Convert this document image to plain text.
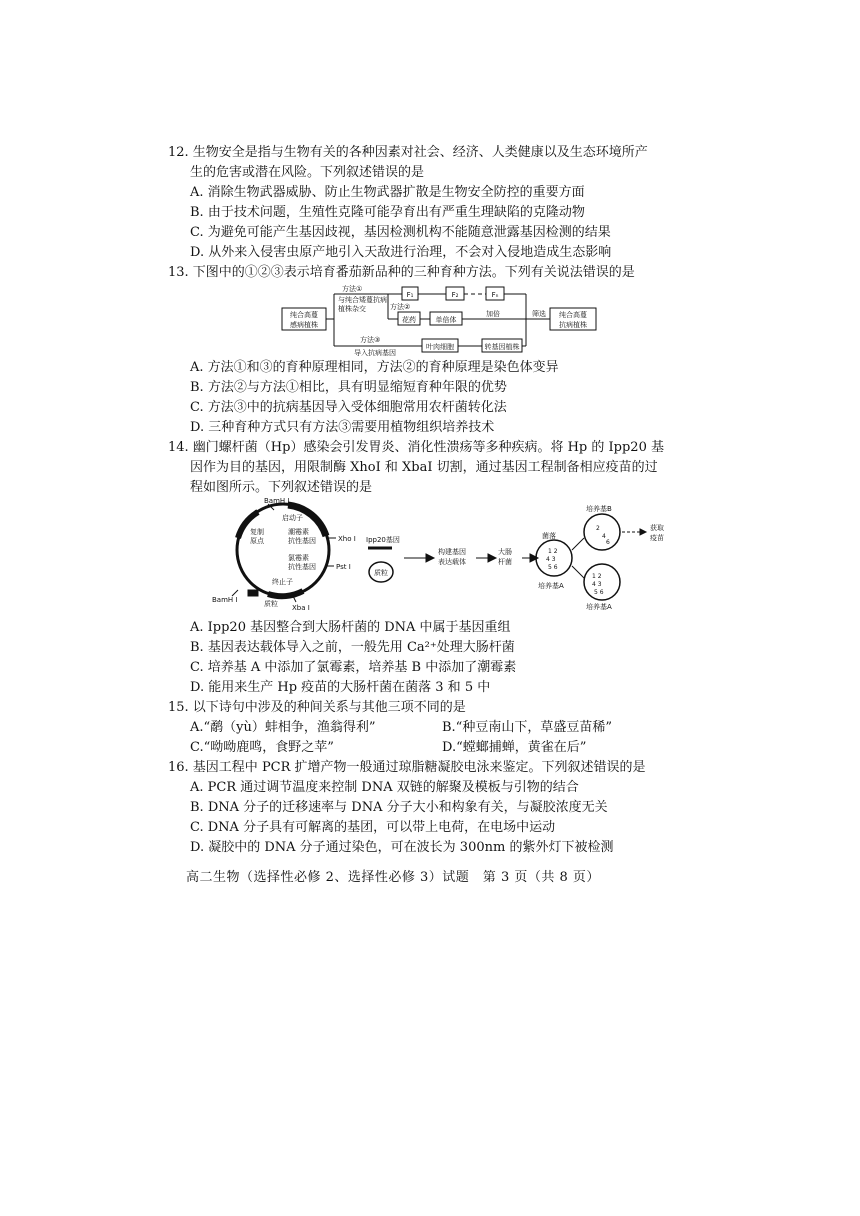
12. 生物安全是指与生物有关的各种因素对社会、经济、人类健康以及生态环境所产
生的危害或潜在风险。下列叙述错误的是
A. 消除生物武器威胁、防止生物武器扩散是生物安全防控的重要方面
B. 由于技术问题，生殖性克隆可能孕育出有严重生理缺陷的克隆动物
C. 为避免可能产生基因歧视，基因检测机构不能随意泄露基因检测的结果
D. 从外来入侵害虫原产地引入天敌进行治理，不会对入侵地造成生态影响
13. 下图中的①②③表示培育番茄新品种的三种育种方法。下列有关说法错误的是
纯合高蔓
感病植株
方法①
与纯合矮蔓抗病
植株杂交
F₁	F₂	Fₙ
方法②
花药	单倍体
加倍	筛选 纯合高蔓
抗病植株
方法③
导入抗病基因
叶肉细胞	转基因植株
A. 方法①和③的育种原理相同，方法②的育种原理是染色体变异
B. 方法②与方法①相比，具有明显缩短育种年限的优势
C. 方法③中的抗病基因导入受体细胞常用农杆菌转化法
D. 三种育种方式只有方法③需要用植物组织培养技术
14. 幽门螺杆菌（Hp）感染会引发胃炎、消化性溃疡等多种疾病。将 Hp 的 Ipp20 基
因作为目的基因，用限制酶 XhoI 和 XbaI 切割，通过基因工程制备相应疫苗的过
程如图所示。下列叙述错误的是
BamH I
启动子
复制
原点
潮霉素
抗性基因	Xho I
氯霉素
抗性基因	Pst I
终止子
BamH I	质粒 Xba I
Ipp20基因
质粒
构建基因
表达载体
大肠
杆菌
菌落
培养基A
培养基B
培养基A
获取
疫苗
1 2
4 3
5 6
2
4
6
1 2
4 3
5 6
A. Ipp20 基因整合到大肠杆菌的 DNA 中属于基因重组
B. 基因表达载体导入之前，一般先用 Ca²⁺处理大肠杆菌
C. 培养基 A 中添加了氯霉素，培养基 B 中添加了潮霉素
D. 能用来生产 Hp 疫苗的大肠杆菌在菌落 3 和 5 中
15. 以下诗句中涉及的种间关系与其他三项不同的是
A.“鹬（yù）蚌相争，渔翁得利”	B.“种豆南山下，草盛豆苗稀”
C.“呦呦鹿鸣，食野之苹”	D.“螳螂捕蝉，黄雀在后”
16. 基因工程中 PCR 扩增产物一般通过琼脂糖凝胶电泳来鉴定。下列叙述错误的是
A. PCR 通过调节温度来控制 DNA 双链的解聚及模板与引物的结合
B. DNA 分子的迁移速率与 DNA 分子大小和构象有关，与凝胶浓度无关
C. DNA 分子具有可解离的基团，可以带上电荷，在电场中运动
D. 凝胶中的 DNA 分子通过染色，可在波长为 300nm 的紫外灯下被检测
高二生物（选择性必修 2、选择性必修 3）试题　第 3 页（共 8 页）
